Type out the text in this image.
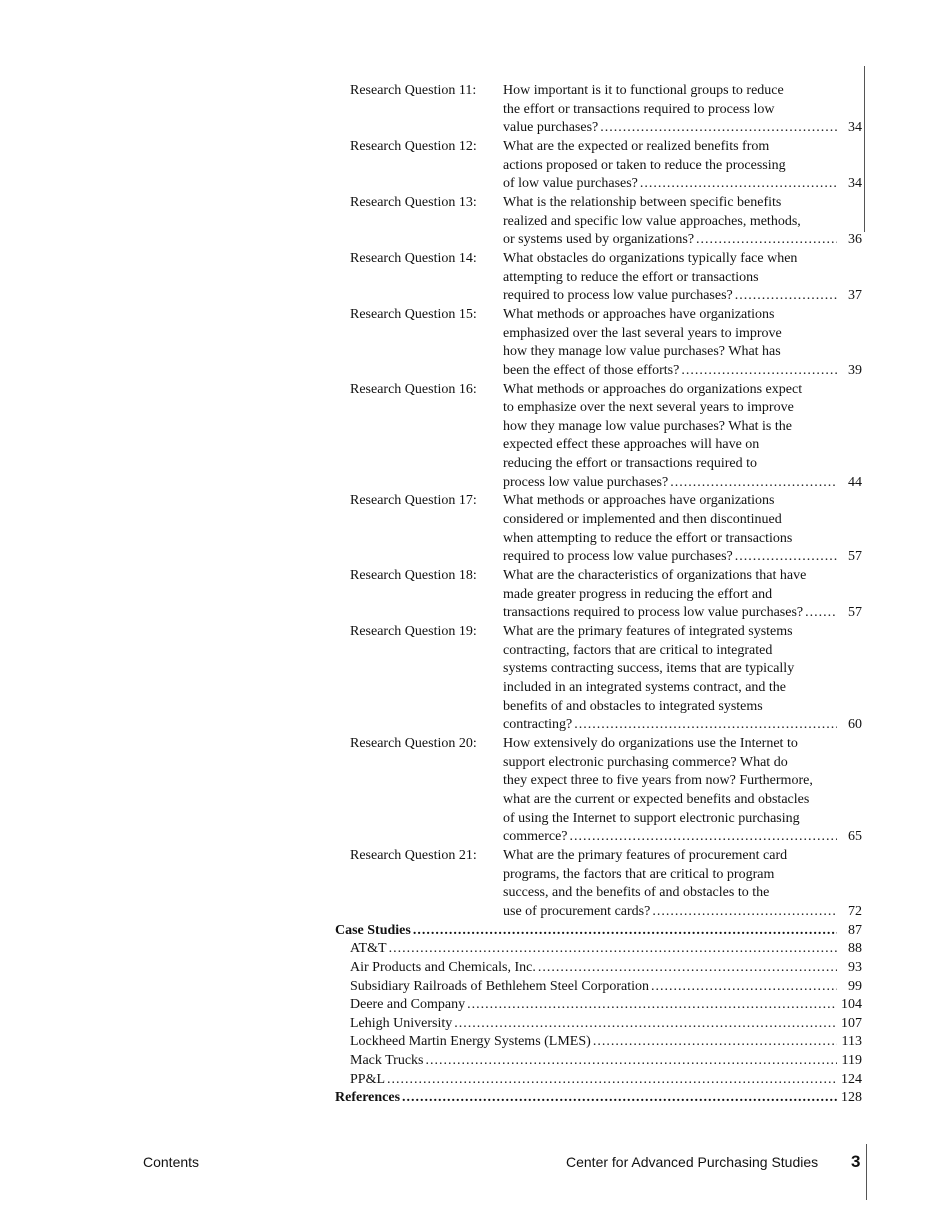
Research Question 11: How important is it to functional groups to reduce
the effort or transactions required to process low
value purchases? .....	34
Research Question 12: What are the expected or realized benefits from
actions proposed or taken to reduce the processing
of low value purchases? .....	34
Research Question 13: What is the relationship between specific benefits
realized and specific low value approaches, methods,
or systems used by organizations? .....	36
Research Question 14: What obstacles do organizations typically face when
attempting to reduce the effort or transactions
required to process low value purchases? .....	37
Research Question 15: What methods or approaches have organizations
emphasized over the last several years to improve
how they manage low value purchases? What has
been the effect of those efforts? .....	39
Research Question 16: What methods or approaches do organizations expect
to emphasize over the next several years to improve
how they manage low value purchases? What is the
expected effect these approaches will have on
reducing the effort or transactions required to
process low value purchases? .....	44
Research Question 17: What methods or approaches have organizations
considered or implemented and then discontinued
when attempting to reduce the effort or transactions
required to process low value purchases? .....	57
Research Question 18: What are the characteristics of organizations that have
made greater progress in reducing the effort and
transactions required to process low value purchases? .....	57
Research Question 19: What are the primary features of integrated systems
contracting, factors that are critical to integrated
systems contracting success, items that are typically
included in an integrated systems contract, and the
benefits of and obstacles to integrated systems
contracting? .....	60
Research Question 20: How extensively do organizations use the Internet to
support electronic purchasing commerce? What do
they expect three to five years from now? Furthermore,
what are the current or expected benefits and obstacles
of using the Internet to support electronic purchasing
commerce? .....	65
Research Question 21: What are the primary features of procurement card
programs, the factors that are critical to program
success, and the benefits of and obstacles to the
use of procurement cards? .....	72
Case Studies .....	87
AT&T .....	88
Air Products and Chemicals, Inc. .....	93
Subsidiary Railroads of Bethlehem Steel Corporation .....	99
Deere and Company .....	104
Lehigh University .....	107
Lockheed Martin Energy Systems (LMES) .....	113
Mack Trucks .....	119
PP&L .....	124
References .....	128
Contents	Center for Advanced Purchasing Studies 3
